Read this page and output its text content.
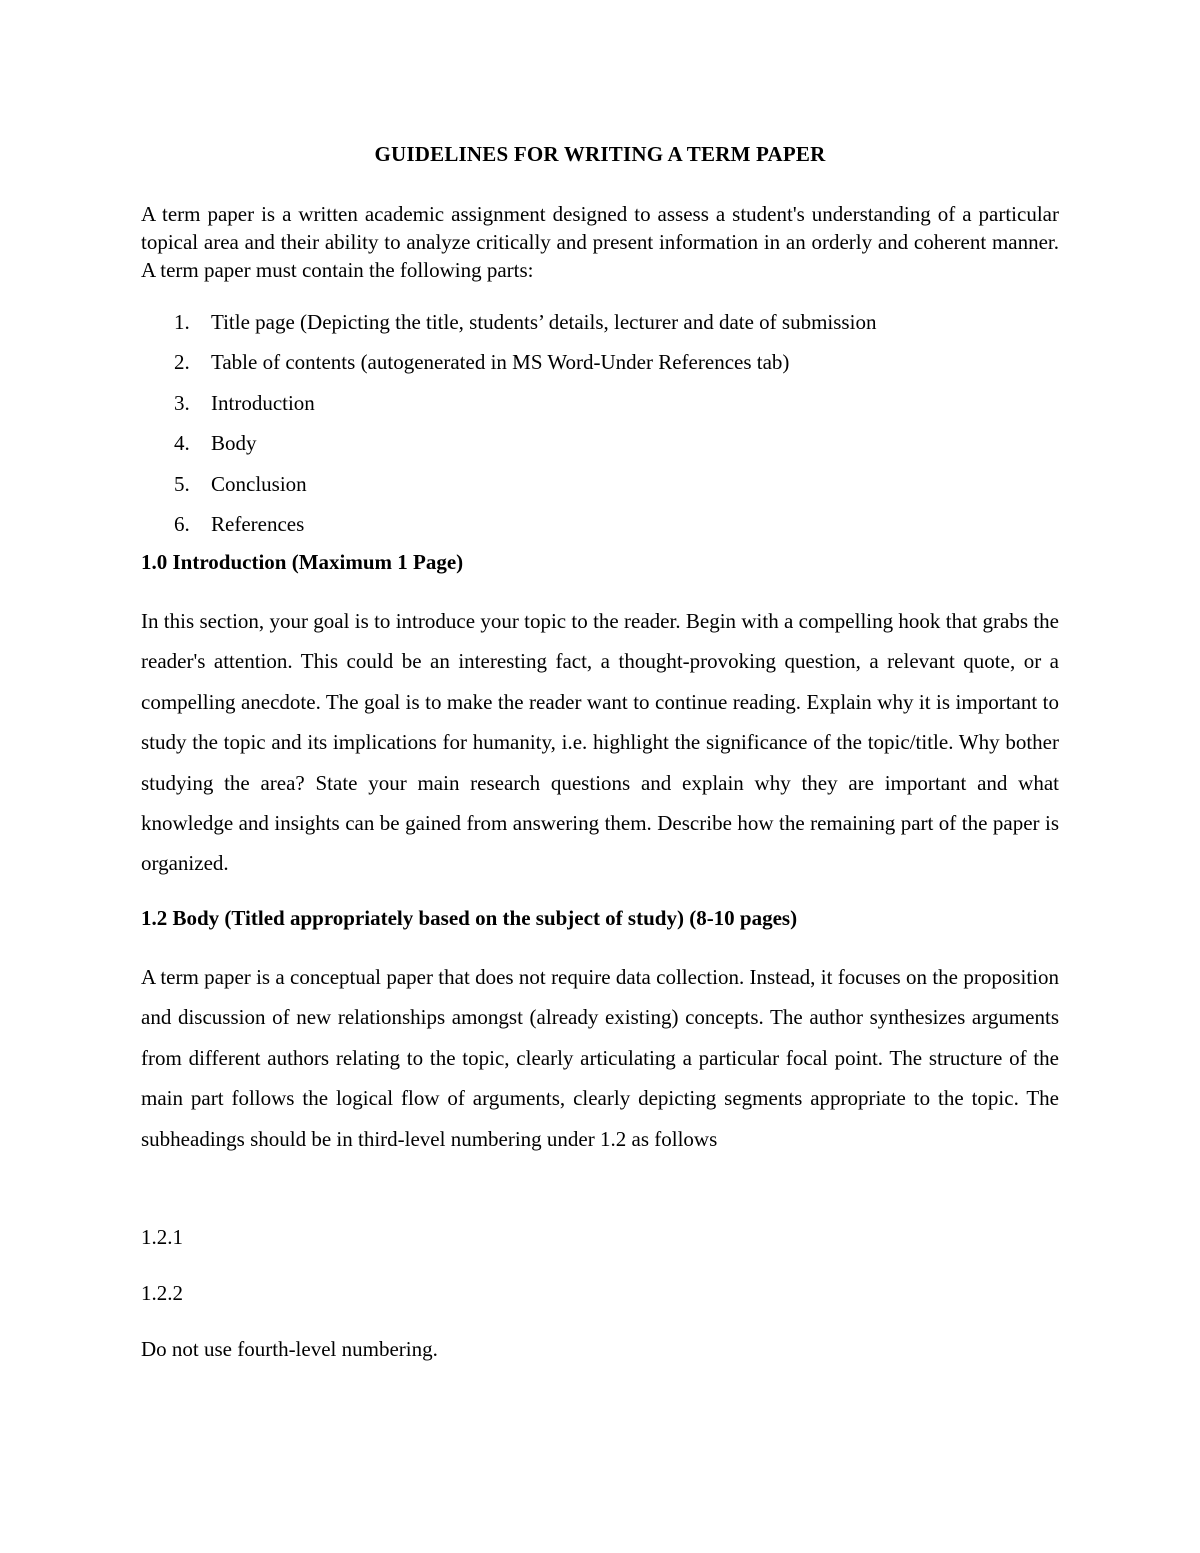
GUIDELINES FOR WRITING A TERM PAPER
A term paper is a written academic assignment designed to assess a student's understanding of a particular topical area and their ability to analyze critically and present information in an orderly and coherent manner. A term paper must contain the following parts:
1. Title page (Depicting the title, students’ details, lecturer and date of submission
2. Table of contents (autogenerated in MS Word-Under References tab)
3. Introduction
4. Body
5. Conclusion
6. References
1.0 Introduction (Maximum 1 Page)
In this section, your goal is to introduce your topic to the reader. Begin with a compelling hook that grabs the reader's attention. This could be an interesting fact, a thought-provoking question, a relevant quote, or a compelling anecdote. The goal is to make the reader want to continue reading. Explain why it is important to study the topic and its implications for humanity, i.e. highlight the significance of the topic/title. Why bother studying the area? State your main research questions and explain why they are important and what knowledge and insights can be gained from answering them. Describe how the remaining part of the paper is organized.
1.2 Body (Titled appropriately based on the subject of study) (8-10 pages)
A term paper is a conceptual paper that does not require data collection. Instead, it focuses on the proposition and discussion of new relationships amongst (already existing) concepts. The author synthesizes arguments from different authors relating to the topic, clearly articulating a particular focal point. The structure of the main part follows the logical flow of arguments, clearly depicting segments appropriate to the topic. The subheadings should be in third-level numbering under 1.2 as follows
1.2.1
1.2.2
Do not use fourth-level numbering.
